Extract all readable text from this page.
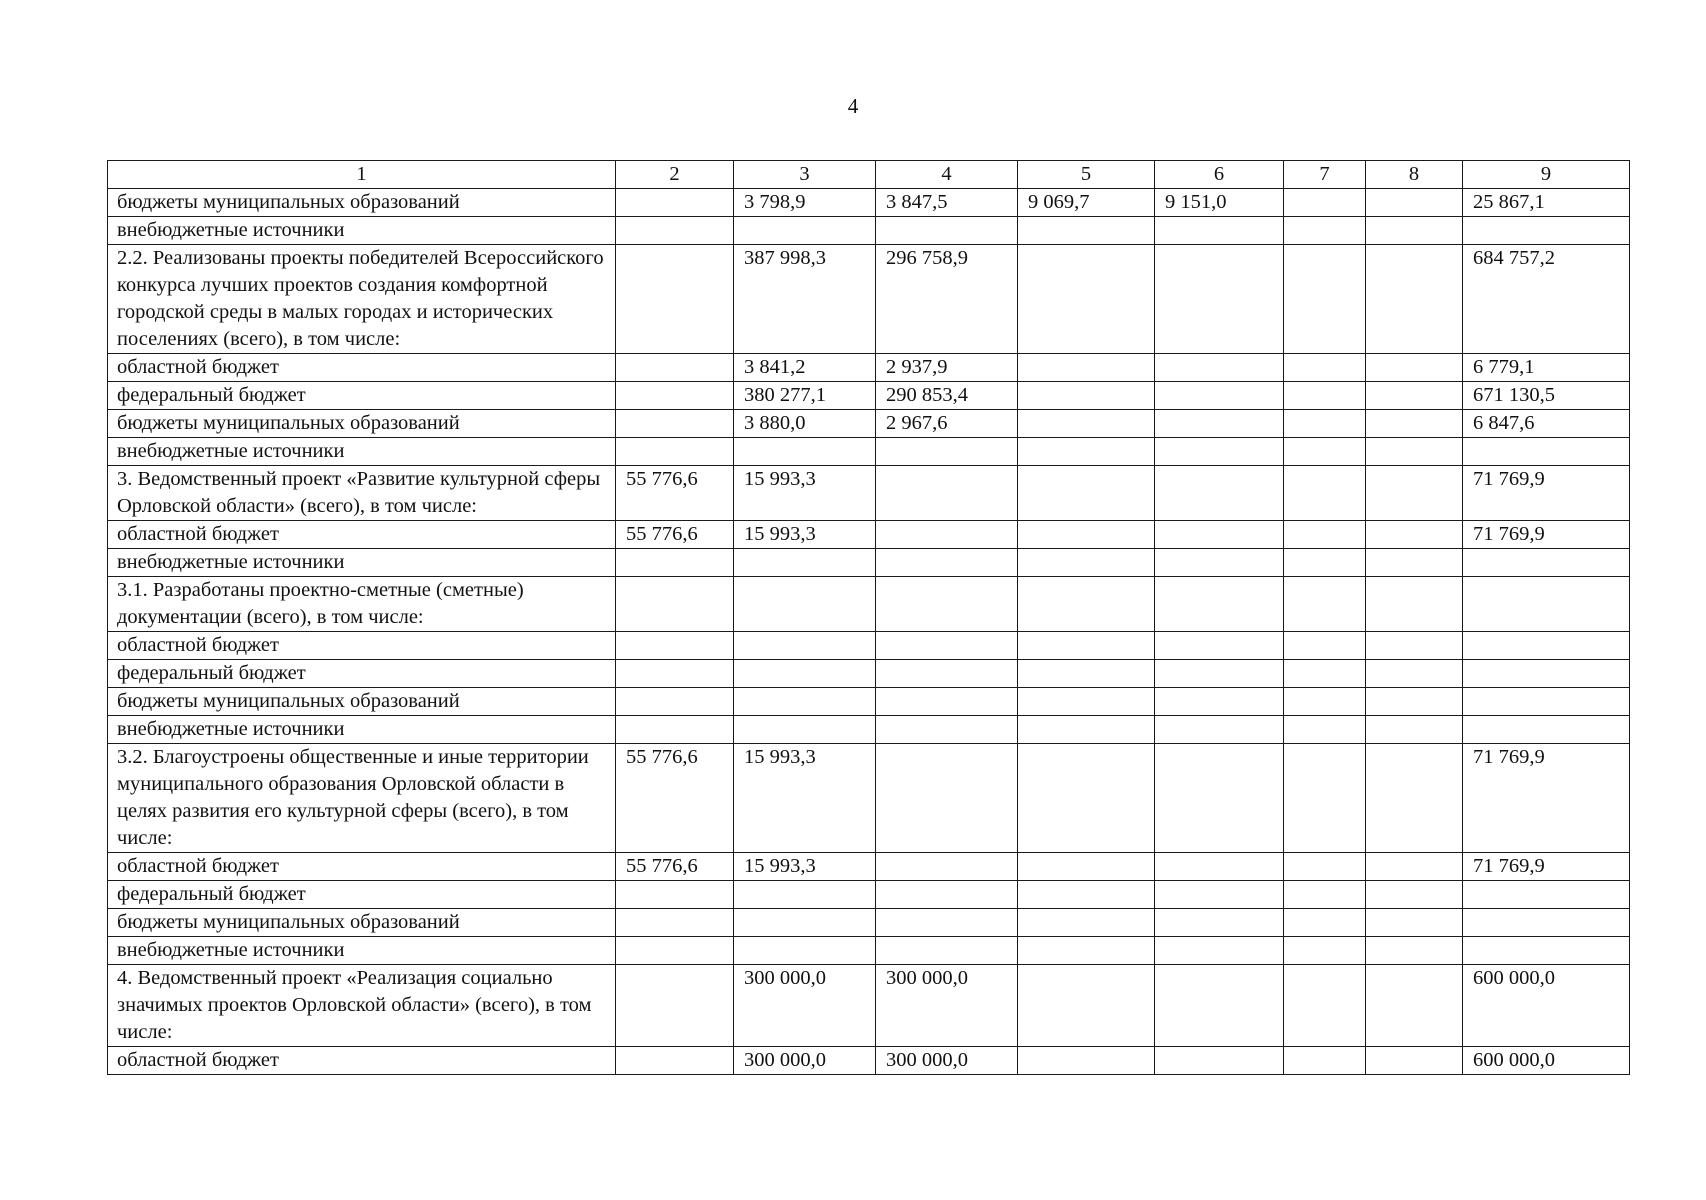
4
1	2	3	4	5	6	7	8	9
бюджеты муниципальных образований		3 798,9	3 847,5	9 069,7	9 151,0			25 867,1
внебюджетные источники								
2.2. Реализованы проекты победителей Всероссийского конкурса лучших проектов создания комфортной городской среды в малых городах и исторических поселениях (всего), в том числе:		387 998,3	296 758,9					684 757,2
областной бюджет		3 841,2	2 937,9					6 779,1
федеральный бюджет		380 277,1	290 853,4					671 130,5
бюджеты муниципальных образований		3 880,0	2 967,6					6 847,6
внебюджетные источники								
3. Ведомственный проект «Развитие культурной сферы Орловской области» (всего), в том числе:	55 776,6	15 993,3						71 769,9
областной бюджет	55 776,6	15 993,3						71 769,9
внебюджетные источники								
3.1. Разработаны проектно-сметные (сметные) документации (всего), в том числе:								
областной бюджет								
федеральный бюджет								
бюджеты муниципальных образований								
внебюджетные источники								
3.2. Благоустроены общественные и иные территории муниципального образования Орловской области в целях развития его культурной сферы (всего), в том числе:	55 776,6	15 993,3						71 769,9
областной бюджет	55 776,6	15 993,3						71 769,9
федеральный бюджет								
бюджеты муниципальных образований								
внебюджетные источники								
4. Ведомственный проект «Реализация социально значимых проектов Орловской области» (всего), в том числе:		300 000,0	300 000,0					600 000,0
областной бюджет		300 000,0	300 000,0					600 000,0
